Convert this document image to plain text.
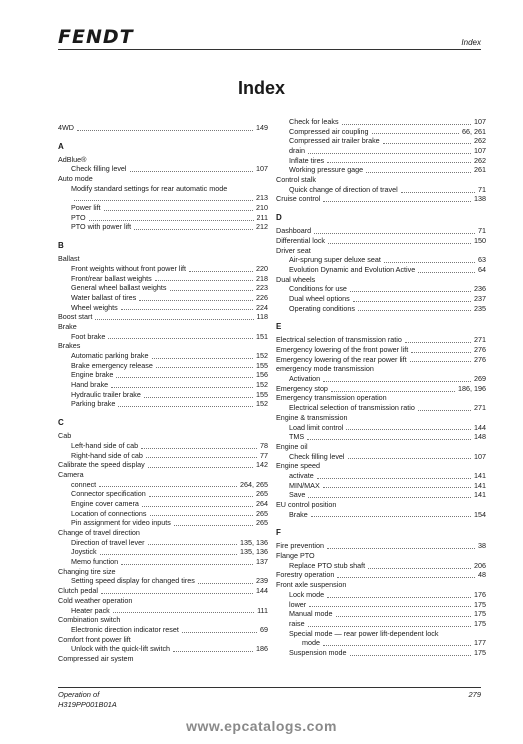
FENDT	Index
Index
4WD	149
A
AdBlue®
Check filling level	107
Auto mode
Modify standard settings for rear automatic mode
213
Power lift	210
PTO	211
PTO with power lift	212
B
Ballast
Front weights without front power lift	220
Front/rear ballast weights	218
General wheel ballast weights	223
Water ballast of tires	226
Wheel weights	224
Boost start	118
Brake
Foot brake	151
Brakes
Automatic parking brake	152
Brake emergency release	155
Engine brake	156
Hand brake	152
Hydraulic trailer brake	155
Parking brake	152
C
Cab
Left-hand side of cab	78
Right-hand side of cab	77
Calibrate the speed display	142
Camera
connect	264, 265
Connector specification	265
Engine cover camera	264
Location of connections	265
Pin assignment for video inputs	265
Change of travel direction
Direction of travel lever	135, 136
Joystick	135, 136
Memo function	137
Changing tire size
Setting speed display for changed tires	239
Clutch pedal	144
Cold weather operation
Heater pack	111
Combination switch
Electronic direction indicator reset	69
Comfort front power lift
Unlock with the quick-lift switch	186
Compressed air system
Check for leaks	107
Compressed air coupling	66, 261
Compressed air trailer brake	262
drain	107
Inflate tires	262
Working pressure gage	261
Control stalk
Quick change of direction of travel	71
Cruise control	138
D
Dashboard	71
Differential lock	150
Driver seat
Air-sprung super deluxe seat	63
Evolution Dynamic and Evolution Active	64
Dual wheels
Conditions for use	236
Dual wheel options	237
Operating conditions	235
E
Electrical selection of transmission ratio	271
Emergency lowering of the front power lift	276
Emergency lowering of the rear power lift	276
emergency mode transmission
Activation	269
Emergency stop	186, 196
Emergency transmission operation
Electrical selection of transmission ratio	271
Engine & transmission
Load limit control	144
TMS	148
Engine oil
Check filling level	107
Engine speed
activate	141
MIN/MAX	141
Save	141
EU control position
Brake	154
F
Fire prevention	38
Flange PTO
Replace PTO stub shaft	206
Forestry operation	48
Front axle suspension
Lock mode	176
lower	175
Manual mode	175
raise	175
Special mode — rear power lift-dependent lock
mode	177
Suspension mode	175
Operation of
H319PP001B01A
279
www.epcatalogs.com
